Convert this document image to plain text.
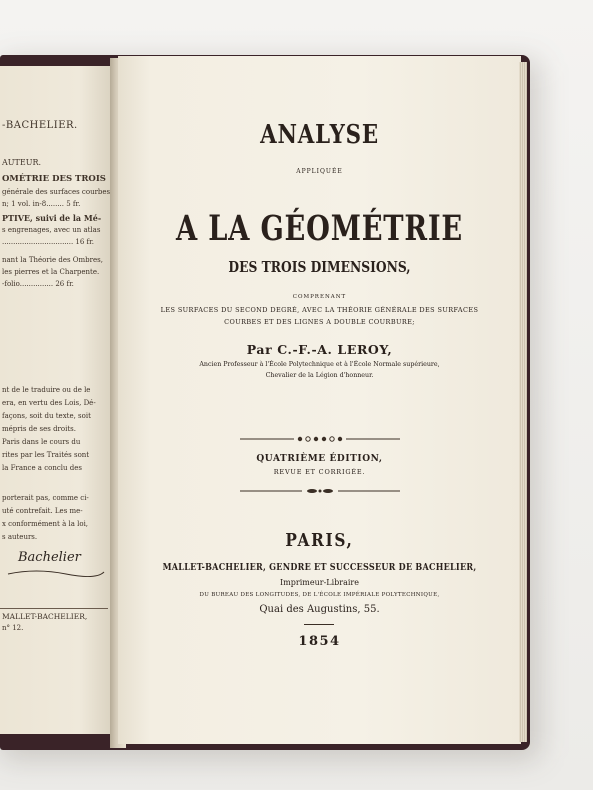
-BACHELIER.
AUTEUR.
OMÉTRIE DES TROIS
générale des surfaces courbes
n; 1 vol. in-8........ 5 fr.
PTIVE, suivi de la Mé-
s engrenages, avec un atlas
................................ 16 fr.
nant la Théorie des Ombres,
les pierres et la Charpente.
-folio............... 26 fr.
nt de le traduire ou de le
era, en vertu des Lois, Dé-
façons, soit du texte, soit
mépris de ses droits.
Paris dans le cours du
rites par les Traités sont
la France a conclu des
porterait pas, comme ci-
uté contrefait. Les me-
x conformément à la loi,
s auteurs.
Bachelier
MALLET-BACHELIER,
n° 12.
ANALYSE
APPLIQUÉE
A LA GÉOMÉTRIE
DES TROIS DIMENSIONS,
COMPRENANT
LES SURFACES DU SECOND DEGRÉ, AVEC LA THÉORIE GÉNÉRALE DES SURFACES
COURBES ET DES LIGNES A DOUBLE COURBURE;
Par C.-F.-A. LEROY,
Ancien Professeur à l'École Polytechnique et à l'École Normale supérieure,
Chevalier de la Légion d'honneur.
QUATRIÈME ÉDITION,
REVUE ET CORRIGÉE.
PARIS,
MALLET-BACHELIER, GENDRE ET SUCCESSEUR DE BACHELIER,
Imprimeur-Libraire
DU BUREAU DES LONGITUDES, DE L'ÉCOLE IMPÉRIALE POLYTECHNIQUE,
Quai des Augustins, 55.
1854
